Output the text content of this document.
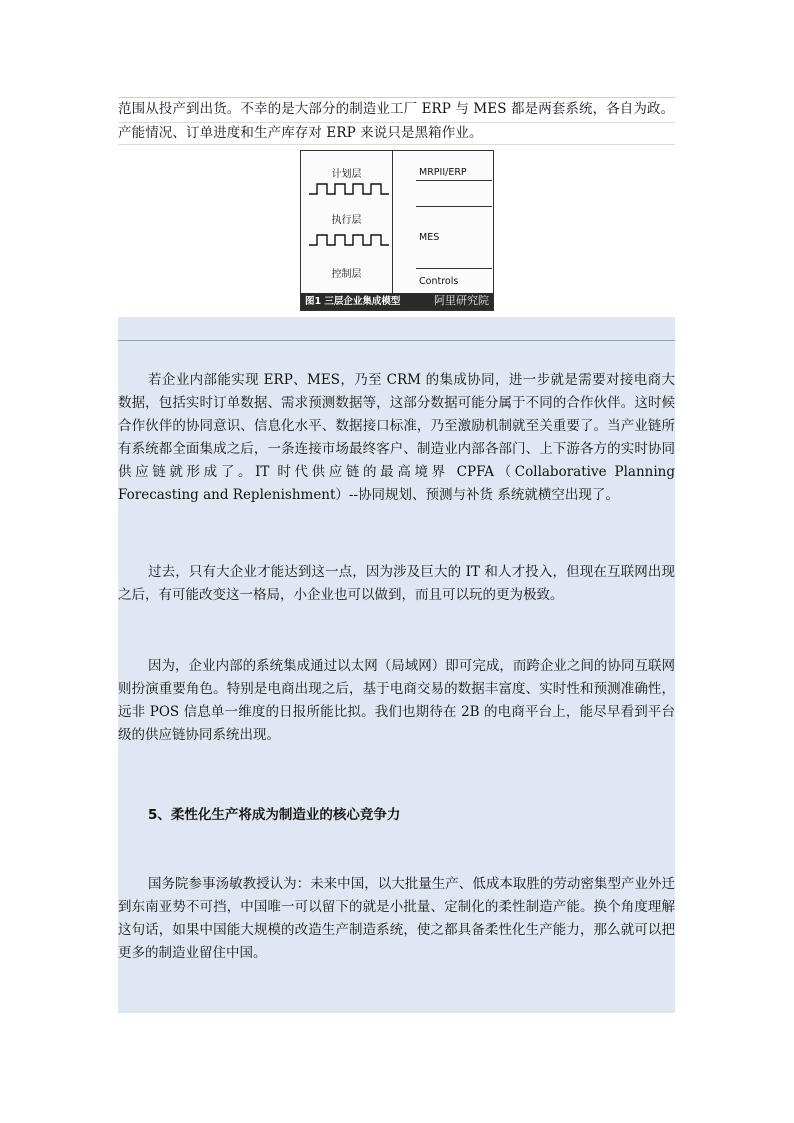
范围从投产到出货。不幸的是大部分的制造业工厂 ERP 与 MES 都是两套系统，各自为政。
产能情况、订单进度和生产库存对 ERP 来说只是黑箱作业。
计划层
执行层
控制层
MRPII/ERP
MES
Controls
图1 三层企业集成模型	阿里研究院

若企业内部能实现 ERP、MES，乃至 CRM 的集成协同，进一步就是需要对接电商大数据，包括实时订单数据、需求预测数据等，这部分数据可能分属于不同的合作伙伴。这时候合作伙伴的协同意识、信息化水平、数据接口标准，乃至激励机制就至关重要了。当产业链所有系统都全面集成之后，一条连接市场最终客户、制造业内部各部门、上下游各方的实时协同供应链就形成了。IT 时代供应链的最高境界 CPFA（Collaborative Planning Forecasting and Replenishment）--协同规划、预测与补货 系统就横空出现了。

过去，只有大企业才能达到这一点，因为涉及巨大的 IT 和人才投入，但现在互联网出现之后，有可能改变这一格局，小企业也可以做到，而且可以玩的更为极致。

因为，企业内部的系统集成通过以太网（局域网）即可完成，而跨企业之间的协同互联网则扮演重要角色。特别是电商出现之后，基于电商交易的数据丰富度、实时性和预测准确性，远非 POS 信息单一维度的日报所能比拟。我们也期待在 2B 的电商平台上，能尽早看到平台级的供应链协同系统出现。

5、柔性化生产将成为制造业的核心竞争力

国务院参事汤敏教授认为：未来中国，以大批量生产、低成本取胜的劳动密集型产业外迁到东南亚势不可挡，中国唯一可以留下的就是小批量、定制化的柔性制造产能。换个角度理解这句话，如果中国能大规模的改造生产制造系统，使之都具备柔性化生产能力，那么就可以把更多的制造业留住中国。
